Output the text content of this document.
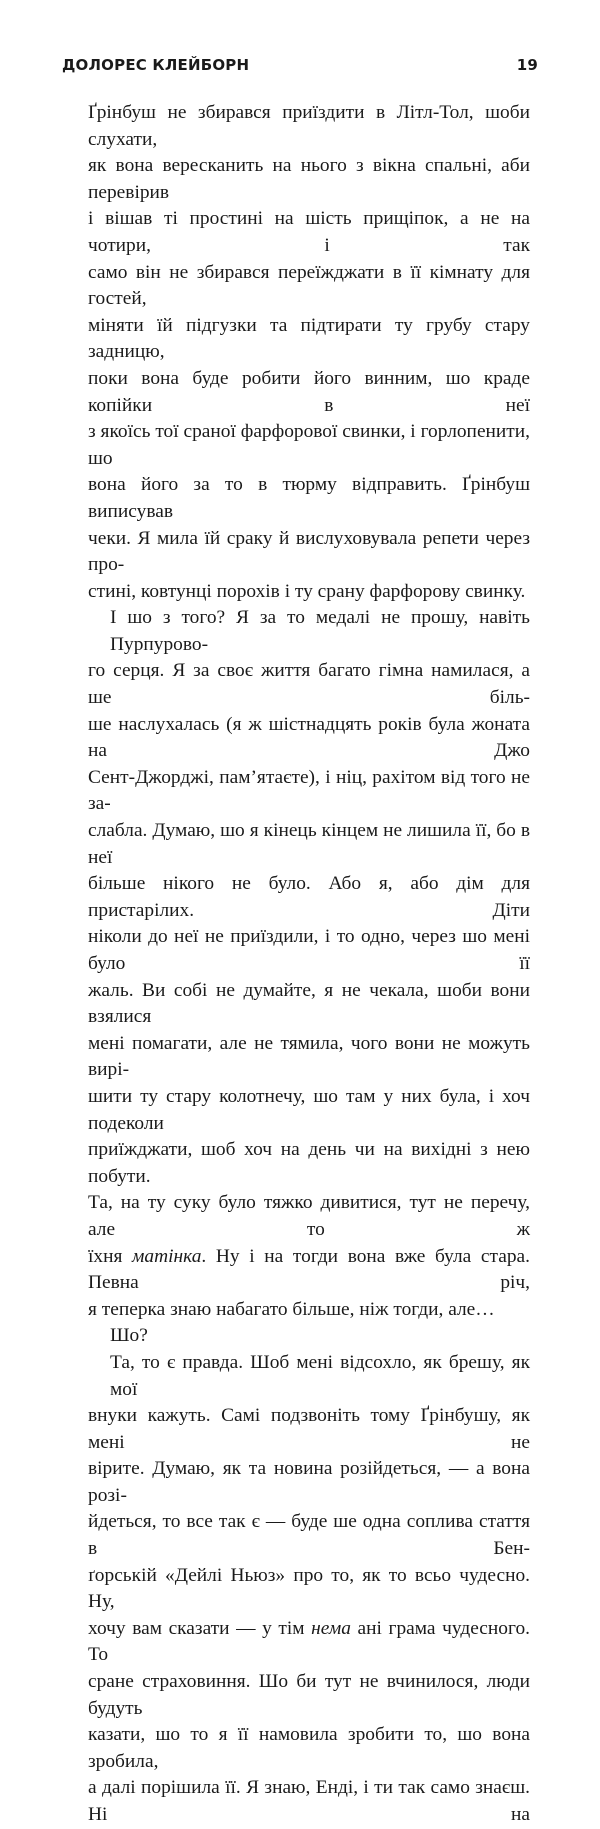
ДОЛОРЕС КЛЕЙБОРН	19
Ґрінбуш не збирався приїздити в Літл-Тол, шоби слухати,
як вона вересканить на нього з вікна спальні, аби перевірив
і вішав ті простині на шість прищіпок, а не на чотири, і так
само він не збирався переїжджати в її кімнату для гостей,
міняти їй підгузки та підтирати ту грубу стару задницю,
поки вона буде робити його винним, шо краде копійки в неї
з якоїсь тої сраної фарфорової свинки, і горлопенити, шо
вона його за то в тюрму відправить. Ґрінбуш виписував
чеки. Я мила їй сраку й вислуховувала репети через про-
стині, ковтунці порохів і ту срану фарфорову свинку.
І шо з того? Я за то медалі не прошу, навіть Пурпурово-
го серця. Я за своє життя багато гімна намилася, а ше біль-
ше наслухалась (я ж шістнадцять років була жоната на Джо
Сент-Джорджі, пам’ятаєте), і ніц, рахітом від того не за-
слабла. Думаю, шо я кінець кінцем не лишила її, бо в неї
більше нікого не було. Або я, або дім для пристарілих. Діти
ніколи до неї не приїздили, і то одно, через шо мені було її
жаль. Ви собі не думайте, я не чекала, шоби вони взялися
мені помагати, але не тямила, чого вони не можуть вирі-
шити ту стару колотнечу, шо там у них була, і хоч подеколи
приїжджати, шоб хоч на день чи на вихідні з нею побути.
Та, на ту суку було тяжко дивитися, тут не перечу, але то ж
їхня матінка. Ну і на тогди вона вже була стара. Певна річ,
я теперка знаю набагато більше, ніж тогди, але…
Шо?
Та, то є правда. Шоб мені відсохло, як брешу, як мої
внуки кажуть. Самі подзвоніть тому Ґрінбушу, як мені не
вірите. Думаю, як та новина розійдеться, — а вона розі-
йдеться, то все так є — буде ше одна соплива стаття в Бен-
ґорській «Дейлі Ньюз» про то, як то всьо чудесно. Ну,
хочу вам сказати — у тім нема ані грама чудесного. То
сране страховиння. Шо би тут не вчинилося, люди будуть
казати, шо то я її намовила зробити то, шо вона зробила,
а далі порішила її. Я знаю, Енді, і ти так само знаєш. Ні на
